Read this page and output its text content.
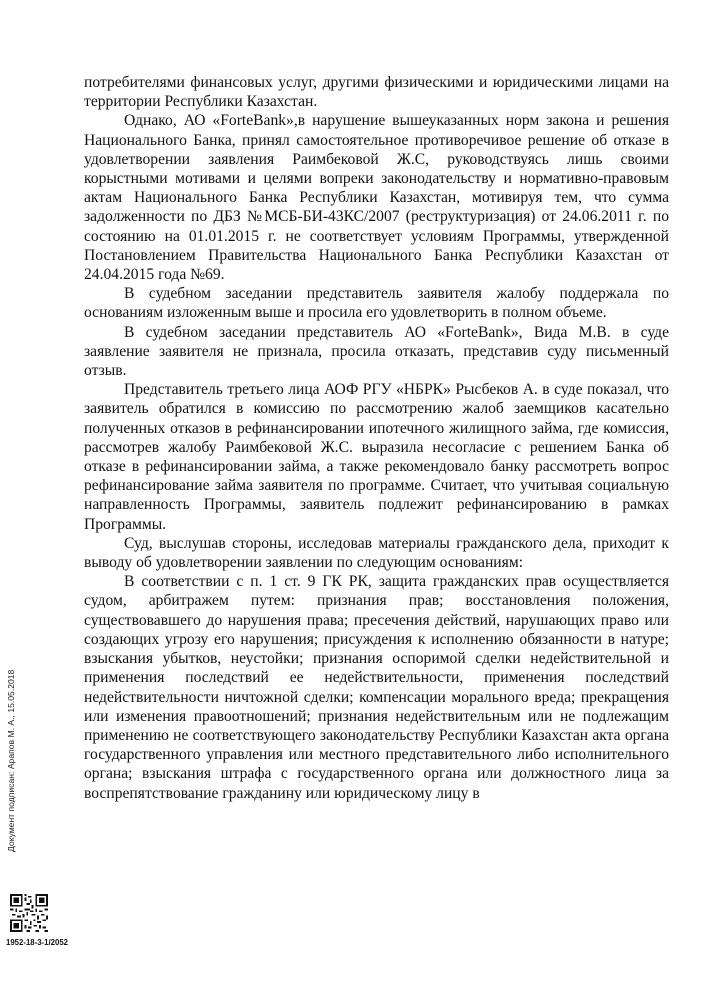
потребителями финансовых услуг, другими физическими и юридическими лицами на территории Республики Казахстан.

Однако, АО «ForteBank»,в нарушение вышеуказанных норм закона и решения Национального Банка, принял самостоятельное противоречивое решение об отказе в удовлетворении заявления Раимбековой Ж.С, руководствуясь лишь своими корыстными мотивами и целями вопреки законодательству и нормативно-правовым актам Национального Банка Республики Казахстан, мотивируя тем, что сумма задолженности по ДБЗ №МСБ-БИ-43КС/2007 (реструктуризация) от 24.06.2011 г. по состоянию на 01.01.2015 г. не соответствует условиям Программы, утвержденной Постановлением Правительства Национального Банка Республики Казахстан от 24.04.2015 года №69.

В судебном заседании представитель заявителя жалобу поддержала по основаниям изложенным выше и просила его удовлетворить в полном объеме.

В судебном заседании представитель АО «ForteBank», Вида М.В. в суде заявление заявителя не признала, просила отказать, представив суду письменный отзыв.

Представитель третьего лица АОФ РГУ «НБРК» Рысбеков А. в суде показал, что заявитель обратился в комиссию по рассмотрению жалоб заемщиков касательно полученных отказов в рефинансировании ипотечного жилищного займа, где комиссия, рассмотрев жалобу Раимбековой Ж.С. выразила несогласие с решением Банка об отказе в рефинансировании займа, а также рекомендовало банку рассмотреть вопрос рефинансирование займа заявителя по программе. Считает, что учитывая социальную направленность Программы, заявитель подлежит рефинансированию в рамках Программы.

Суд, выслушав стороны, исследовав материалы гражданского дела, приходит к выводу об удовлетворении заявлении по следующим основаниям:

В соответствии с п. 1 ст. 9 ГК РК, защита гражданских прав осуществляется судом, арбитражем путем: признания прав; восстановления положения, существовавшего до нарушения права; пресечения действий, нарушающих право или создающих угрозу его нарушения; присуждения к исполнению обязанности в натуре; взыскания убытков, неустойки; признания оспоримой сделки недействительной и применения последствий ее недействительности, применения последствий недействительности ничтожной сделки; компенсации морального вреда; прекращения или изменения правоотношений; признания недействительным или не подлежащим применению не соответствующего законодательству Республики Казахстан акта органа государственного управления или местного представительного либо исполнительного органа; взыскания штрафа с государственного органа или должностного лица за воспрепятствование гражданину или юридическому лицу в

Документ подписан: Арапов М. А., 15.05.2018
1952-18-3-1/2052
